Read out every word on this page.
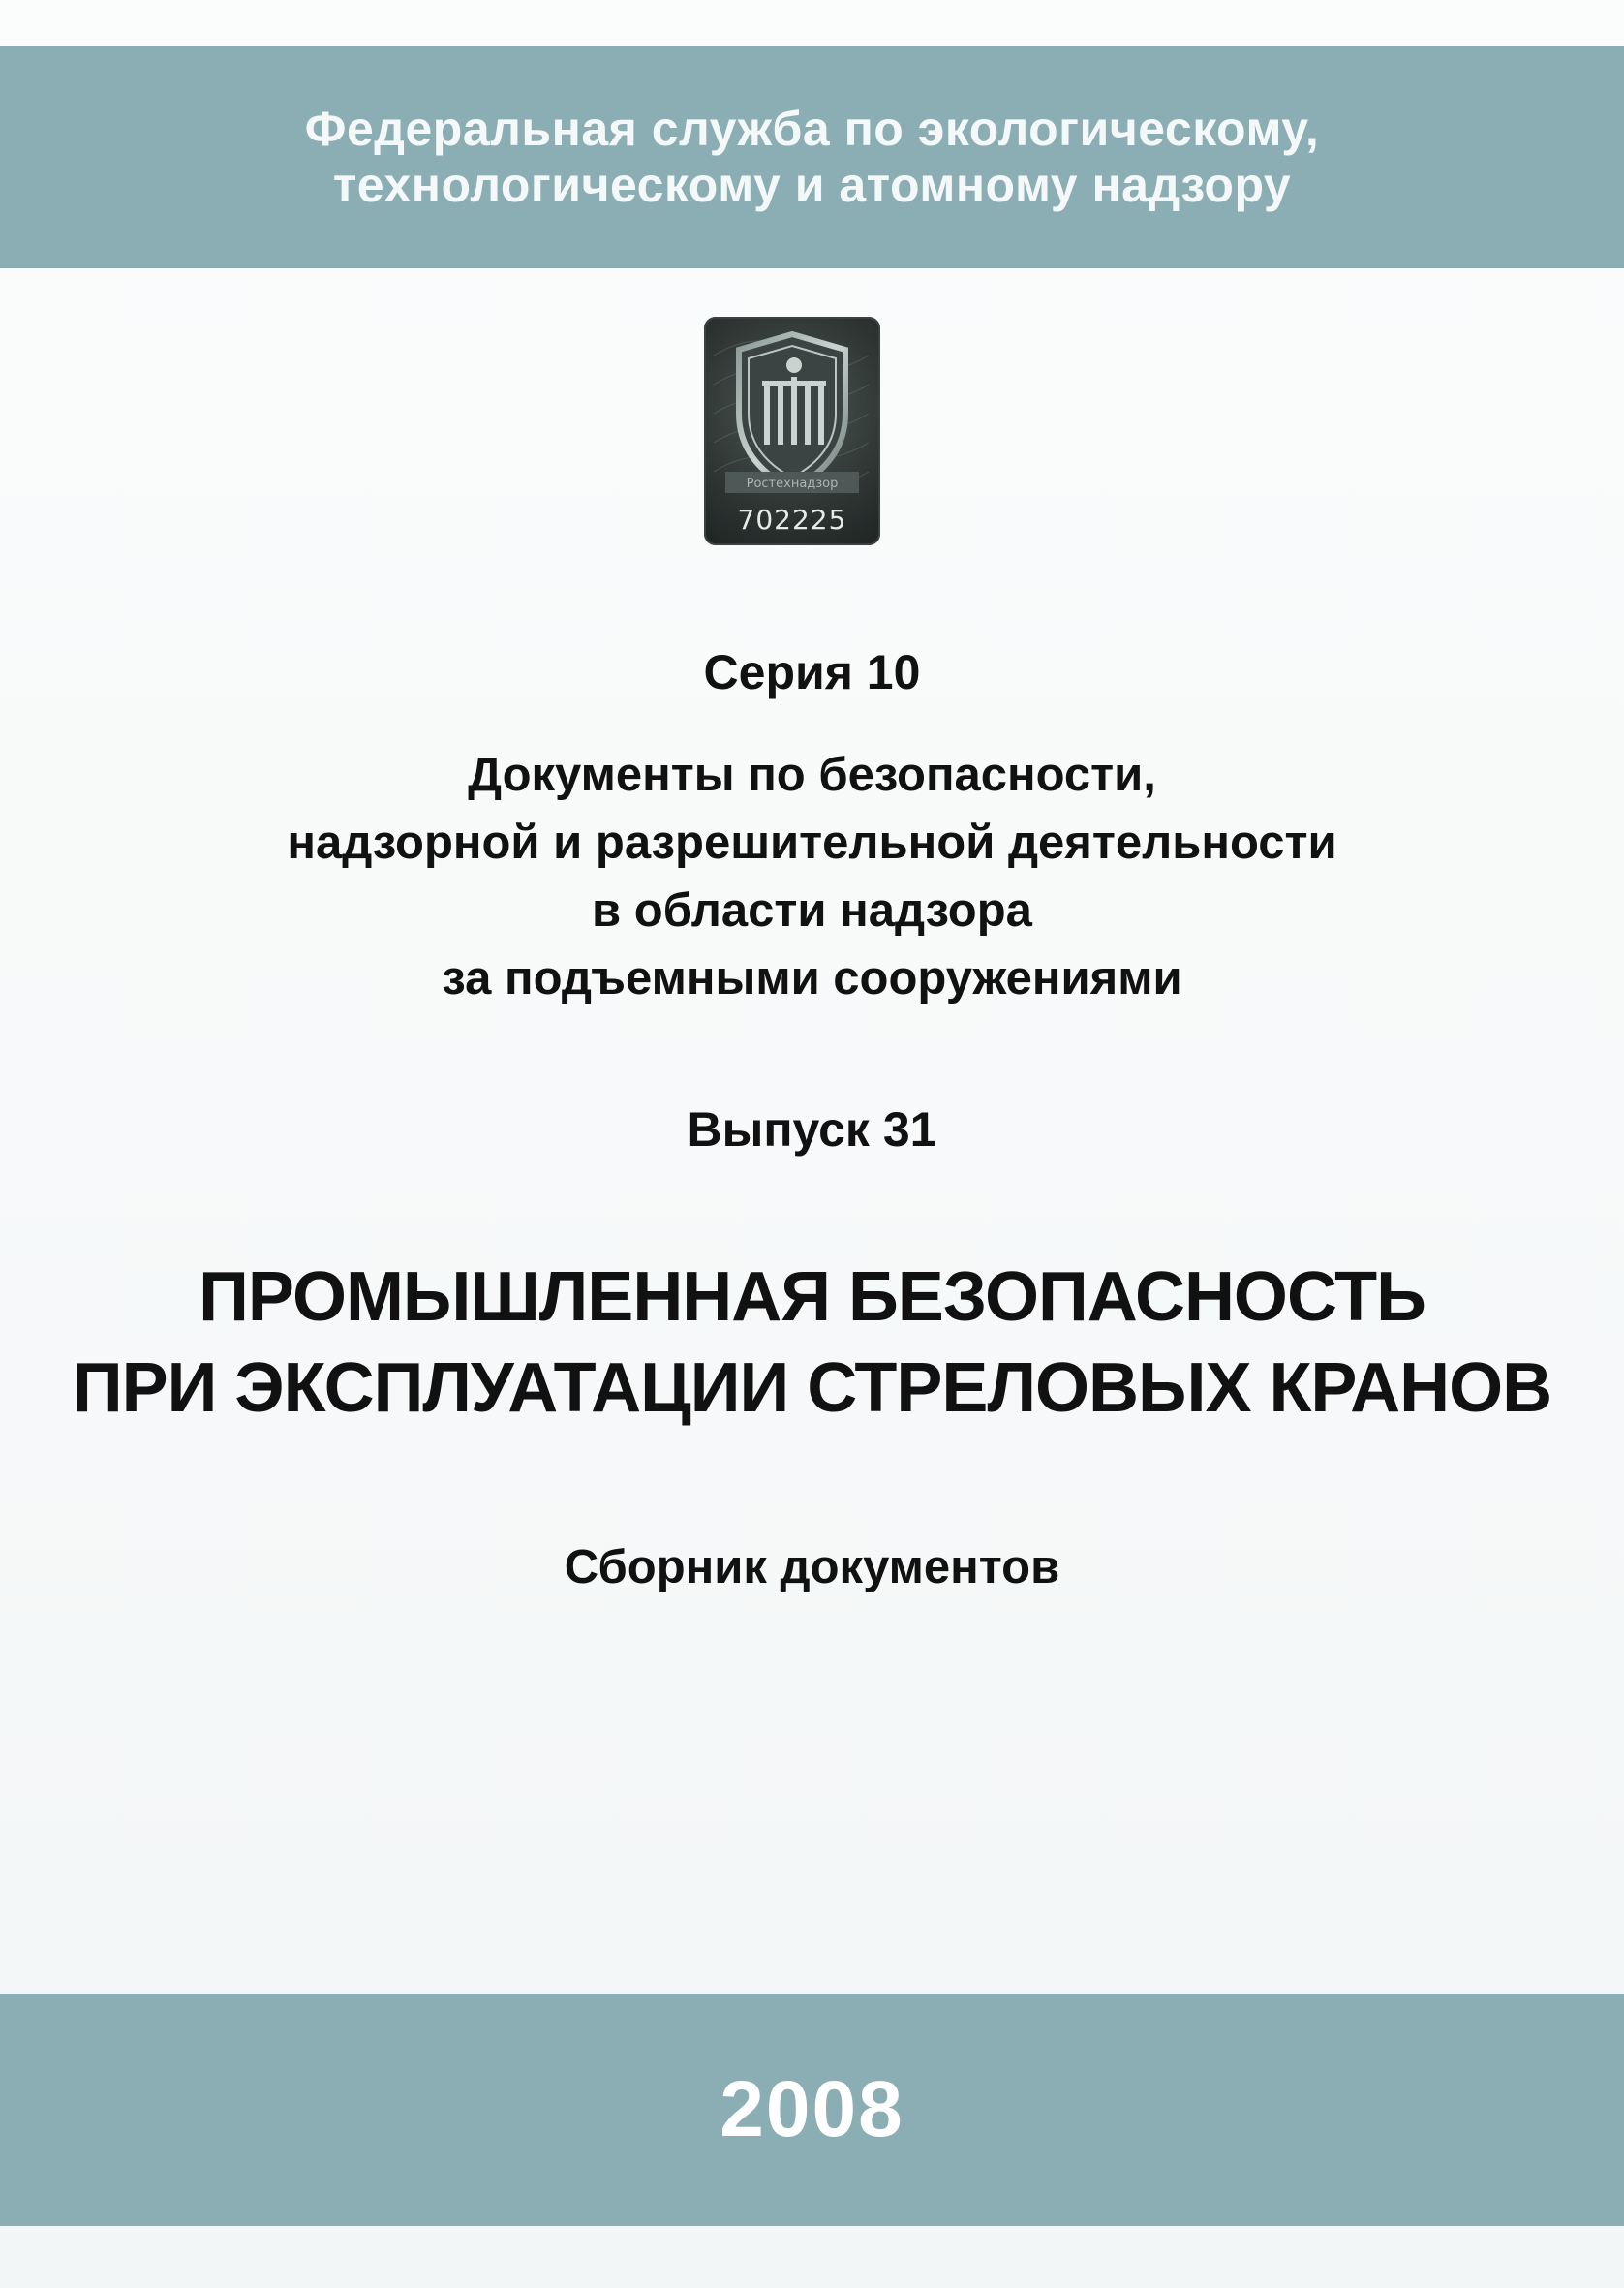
Федеральная служба по экологическому,
технологическому и атомному надзору
Ростехнадзор
702225
Серия 10
Документы по безопасности,
надзорной и разрешительной деятельности
в области надзора
за подъемными сооружениями
Выпуск 31
ПРОМЫШЛЕННАЯ БЕЗОПАСНОСТЬ
ПРИ ЭКСПЛУАТАЦИИ СТРЕЛОВЫХ КРАНОВ
Сборник документов
2008
